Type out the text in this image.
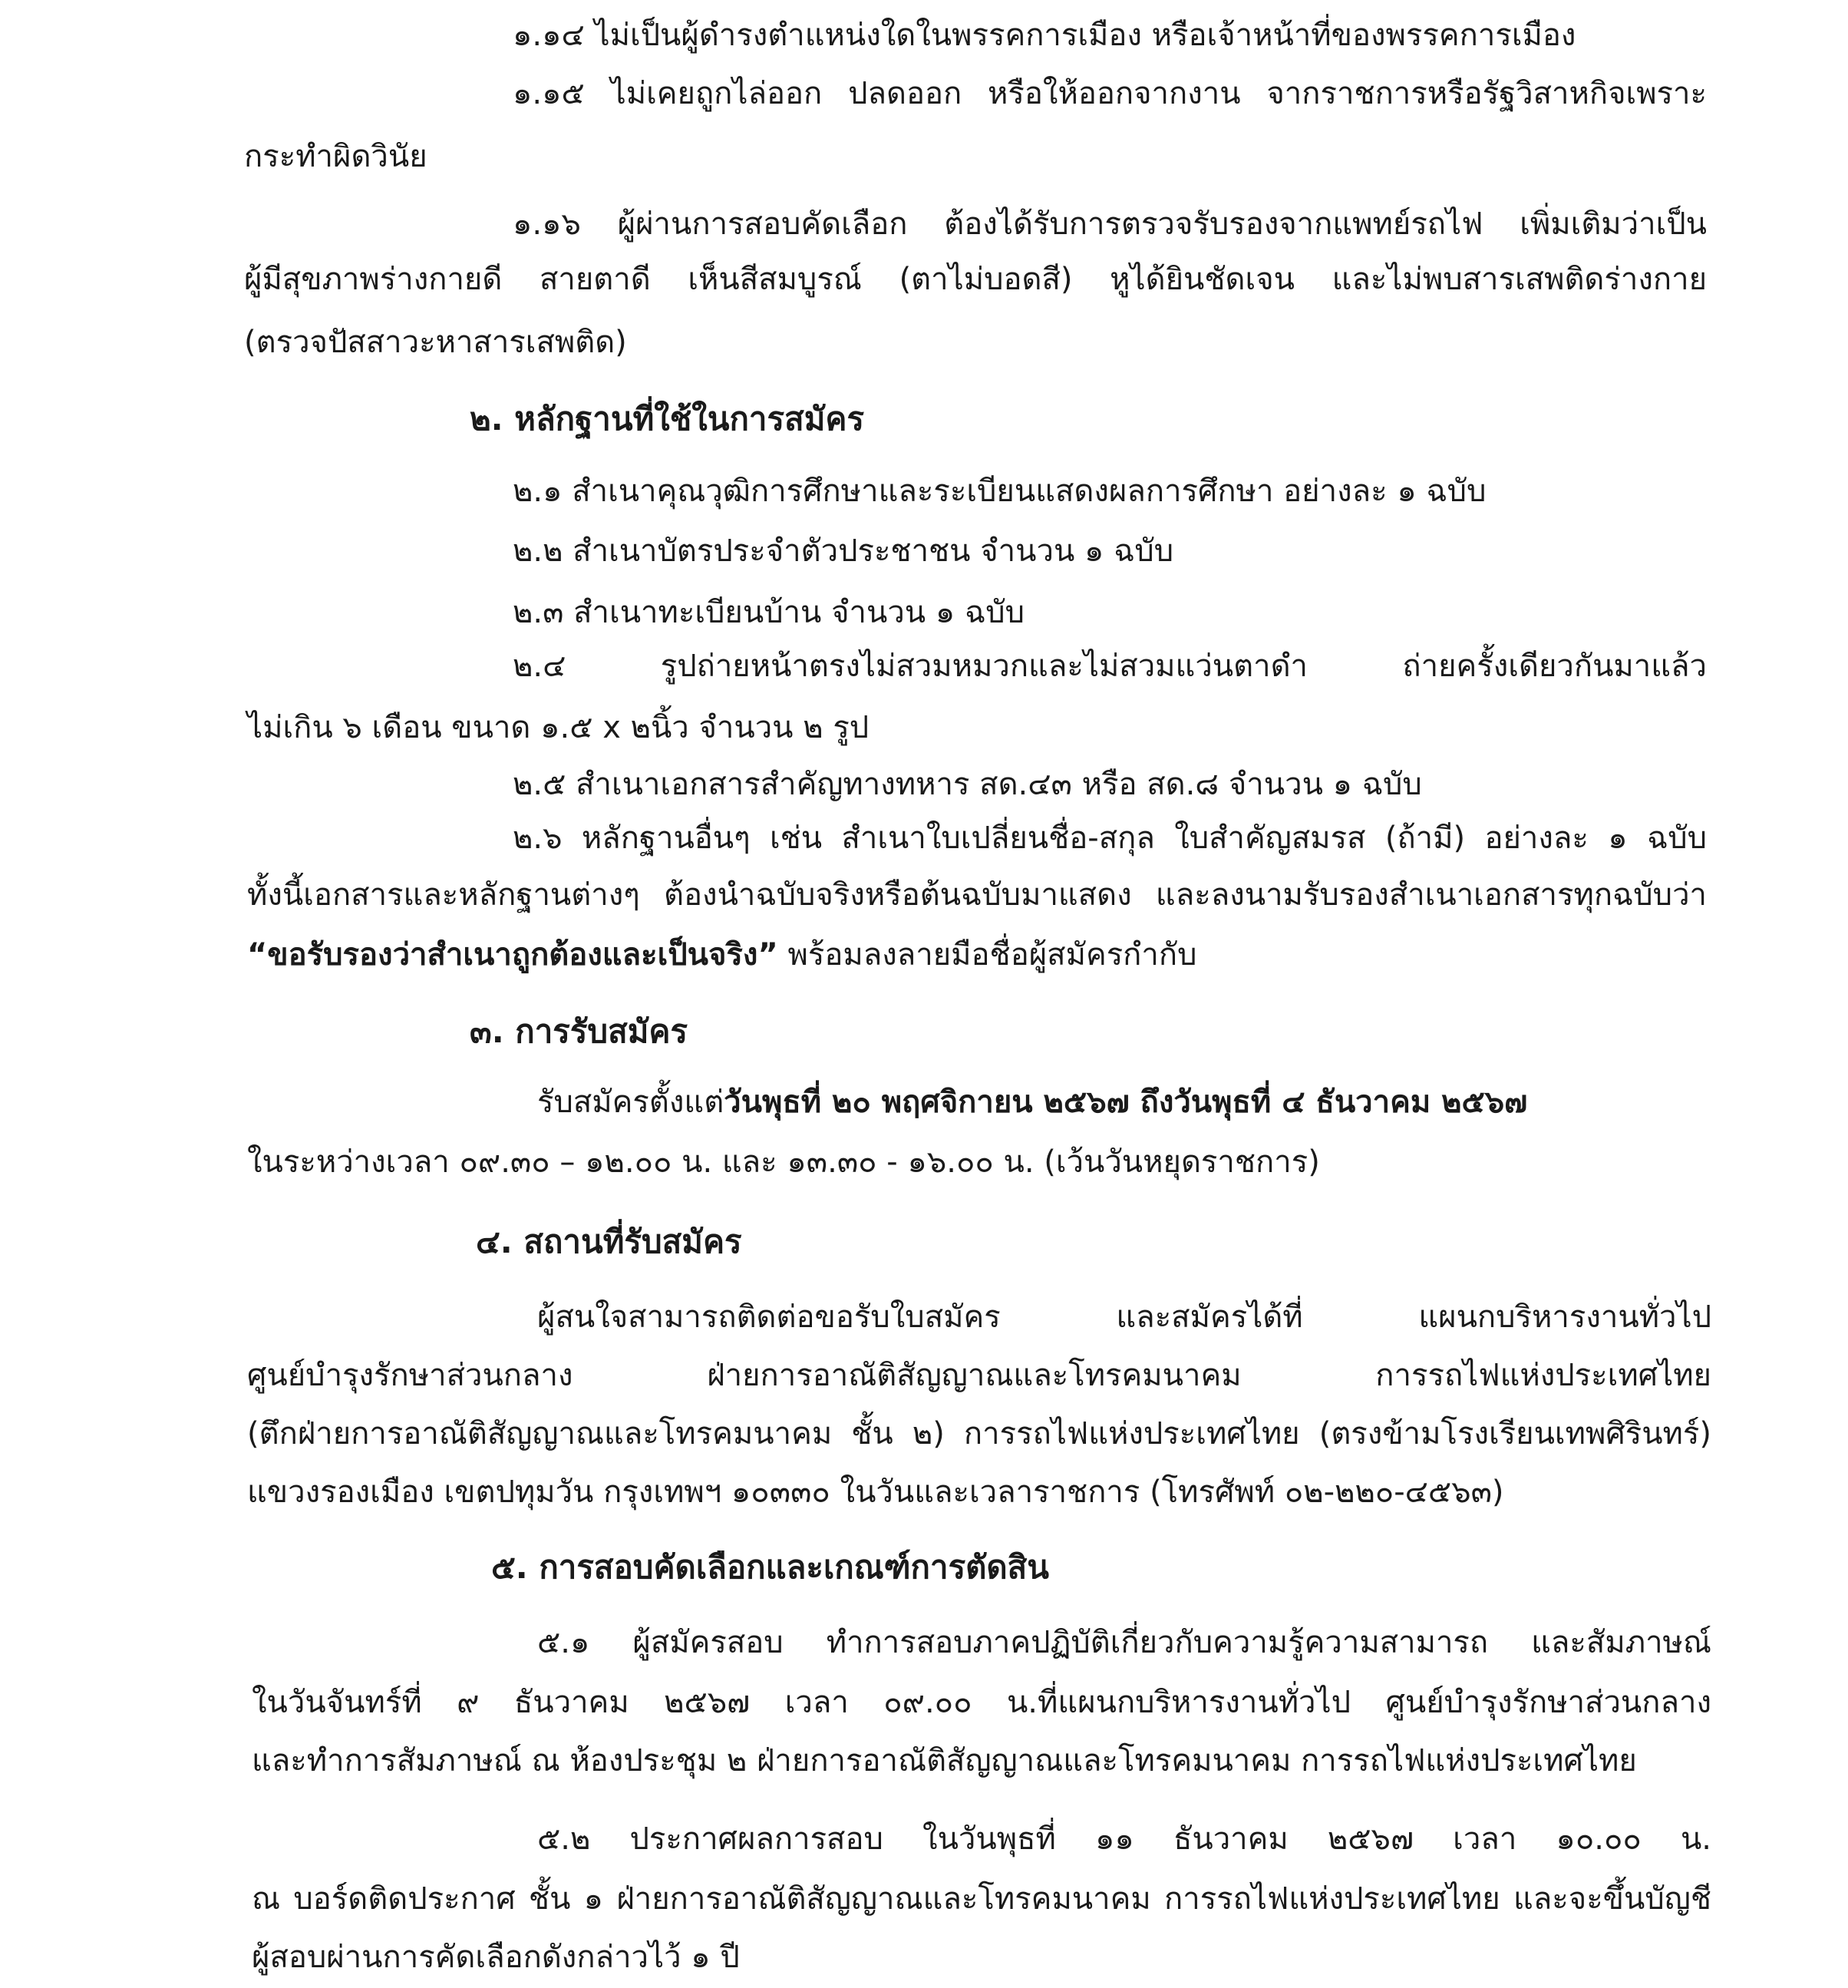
๑.๑๔ ไม่เป็นผู้ดำรงตำแหน่งใดในพรรคการเมือง หรือเจ้าหน้าที่ของพรรคการเมือง
๑.๑๕ ไม่เคยถูกไล่ออก ปลดออก หรือให้ออกจากงาน จากราชการหรือรัฐวิสาหกิจเพราะ
กระทำผิดวินัย
๑.๑๖ ผู้ผ่านการสอบคัดเลือก ต้องได้รับการตรวจรับรองจากแพทย์รถไฟ เพิ่มเติมว่าเป็น
ผู้มีสุขภาพร่างกายดี สายตาดี เห็นสีสมบูรณ์ (ตาไม่บอดสี) หูได้ยินชัดเจน และไม่พบสารเสพติดร่างกาย
(ตรวจปัสสาวะหาสารเสพติด)
๒. หลักฐานที่ใช้ในการสมัคร
๒.๑ สำเนาคุณวุฒิการศึกษาและระเบียนแสดงผลการศึกษา อย่างละ ๑ ฉบับ
๒.๒ สำเนาบัตรประจำตัวประชาชน จำนวน ๑ ฉบับ
๒.๓ สำเนาทะเบียนบ้าน จำนวน ๑ ฉบับ
๒.๔ รูปถ่ายหน้าตรงไม่สวมหมวกและไม่สวมแว่นตาดำ ถ่ายครั้งเดียวกันมาแล้ว
ไม่เกิน ๖ เดือน ขนาด ๑.๕ x ๒นิ้ว จำนวน ๒ รูป
๒.๕ สำเนาเอกสารสำคัญทางทหาร สด.๔๓ หรือ สด.๘ จำนวน ๑ ฉบับ
๒.๖ หลักฐานอื่นๆ เช่น สำเนาใบเปลี่ยนชื่อ-สกุล ใบสำคัญสมรส (ถ้ามี) อย่างละ ๑ ฉบับ
ทั้งนี้เอกสารและหลักฐานต่างๆ ต้องนำฉบับจริงหรือต้นฉบับมาแสดง และลงนามรับรองสำเนาเอกสารทุกฉบับว่า
“ขอรับรองว่าสำเนาถูกต้องและเป็นจริง” พร้อมลงลายมือชื่อผู้สมัครกำกับ
๓. การรับสมัคร
รับสมัครตั้งแต่วันพุธที่ ๒๐ พฤศจิกายน ๒๕๖๗ ถึงวันพุธที่ ๔ ธันวาคม ๒๕๖๗
ในระหว่างเวลา ๐๙.๓๐ – ๑๒.๐๐ น. และ ๑๓.๓๐ - ๑๖.๐๐ น. (เว้นวันหยุดราชการ)
๔. สถานที่รับสมัคร
ผู้สนใจสามารถติดต่อขอรับใบสมัคร และสมัครได้ที่ แผนกบริหารงานทั่วไป
ศูนย์บำรุงรักษาส่วนกลาง ฝ่ายการอาณัติสัญญาณและโทรคมนาคม การรถไฟแห่งประเทศไทย
(ตึกฝ่ายการอาณัติสัญญาณและโทรคมนาคม ชั้น ๒) การรถไฟแห่งประเทศไทย (ตรงข้ามโรงเรียนเทพศิรินทร์)
แขวงรองเมือง เขตปทุมวัน กรุงเทพฯ ๑๐๓๓๐ ในวันและเวลาราชการ (โทรศัพท์ ๐๒-๒๒๐-๔๕๖๓)
๕. การสอบคัดเลือกและเกณฑ์การตัดสิน
๕.๑ ผู้สมัครสอบ ทำการสอบภาคปฏิบัติเกี่ยวกับความรู้ความสามารถ และสัมภาษณ์
ในวันจันทร์ที่ ๙ ธันวาคม ๒๕๖๗ เวลา ๐๙.๐๐ น.ที่แผนกบริหารงานทั่วไป ศูนย์บำรุงรักษาส่วนกลาง
และทำการสัมภาษณ์ ณ ห้องประชุม ๒ ฝ่ายการอาณัติสัญญาณและโทรคมนาคม การรถไฟแห่งประเทศไทย
๕.๒ ประกาศผลการสอบ ในวันพุธที่ ๑๑ ธันวาคม ๒๕๖๗ เวลา ๑๐.๐๐ น.
ณ บอร์ดติดประกาศ ชั้น ๑ ฝ่ายการอาณัติสัญญาณและโทรคมนาคม การรถไฟแห่งประเทศไทย และจะขึ้นบัญชี
ผู้สอบผ่านการคัดเลือกดังกล่าวไว้ ๑ ปี
